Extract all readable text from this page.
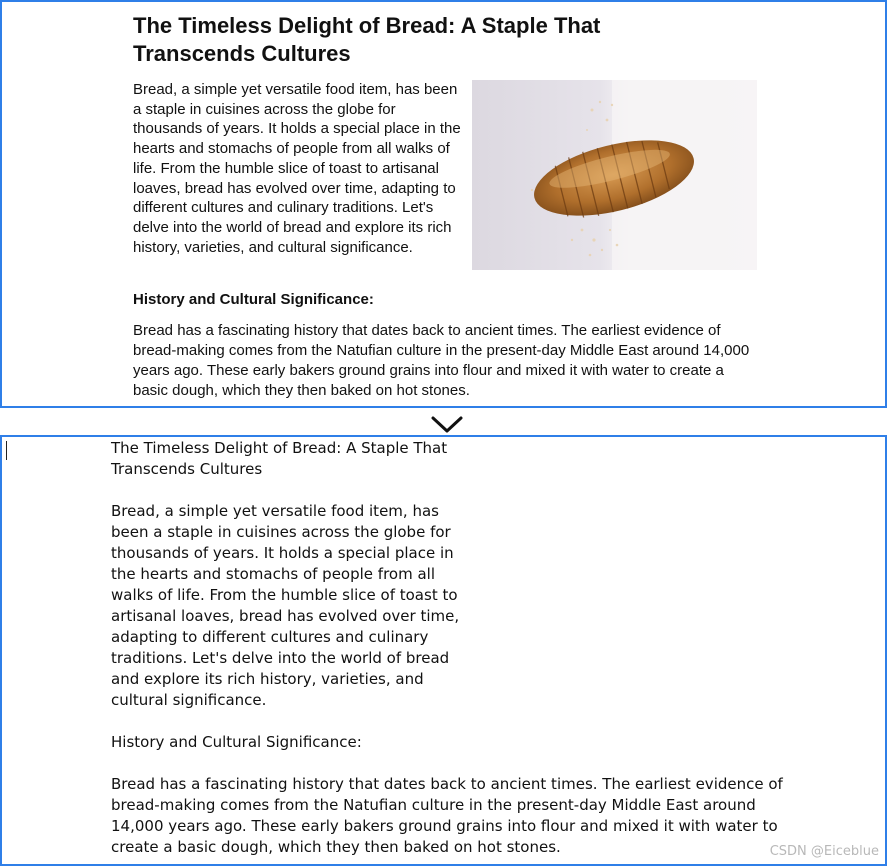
The Timeless Delight of Bread: A Staple That Transcends Cultures

Bread, a simple yet versatile food item, has been a staple in cuisines across the globe for thousands of years. It holds a special place in the hearts and stomachs of people from all walks of life. From the humble slice of toast to artisanal loaves, bread has evolved over time, adapting to different cultures and culinary traditions. Let's delve into the world of bread and explore its rich history, varieties, and cultural significance.

History and Cultural Significance:

Bread has a fascinating history that dates back to ancient times. The earliest evidence of bread-making comes from the Natufian culture in the present-day Middle East around 14,000 years ago. These early bakers ground grains into flour and mixed it with water to create a basic dough, which they then baked on hot stones.

The Timeless Delight of Bread: A Staple That
Transcends Cultures

Bread, a simple yet versatile food item, has
been a staple in cuisines across the globe for
thousands of years. It holds a special place in
the hearts and stomachs of people from all
walks of life. From the humble slice of toast to
artisanal loaves, bread has evolved over time,
adapting to different cultures and culinary
traditions. Let's delve into the world of bread
and explore its rich history, varieties, and
cultural significance.

History and Cultural Significance:

Bread has a fascinating history that dates back to ancient times. The earliest evidence of
bread-making comes from the Natufian culture in the present-day Middle East around
14,000 years ago. These early bakers ground grains into flour and mixed it with water to
create a basic dough, which they then baked on hot stones.	CSDN @Eiceblue
